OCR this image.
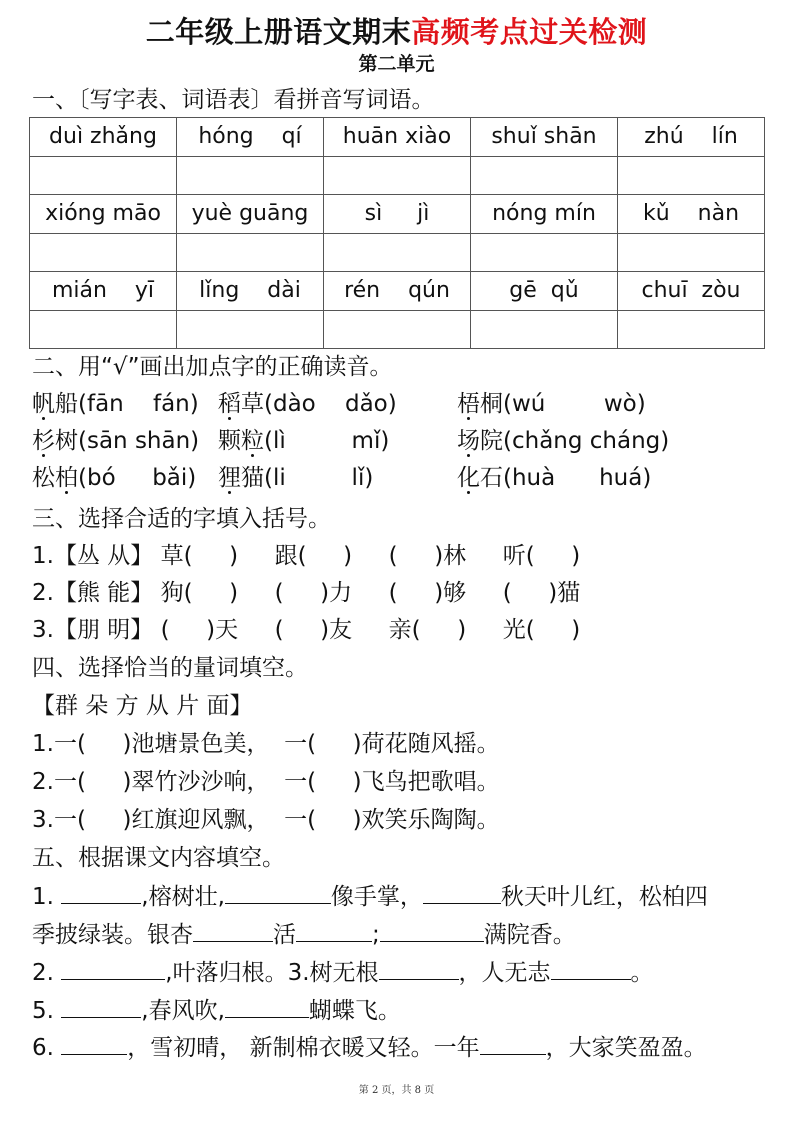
二年级上册语文期末高频考点过关检测
第二单元
一、〔写字表、词语表〕看拼音写词语。
duì zhǎng	hóng    qí	huān xiào	shuǐ shān	zhú    lín

xióng māo	yuè guāng	sì     jì	nóng mín	kǔ    nàn

mián    yī	lǐng    dài	rén    qún	gē  qǔ	chuī  zòu

二、用“√”画出加点字的正确读音。
帆船(fān    fán) 稻草(dào    dǎo)	梧桐(wú        wò)
杉树(sān shān) 颗粒(lì         mǐ)	场院(chǎng cháng)
松柏(bó     bǎi) 狸猫(li         lǐ)	化石(huà      huá)
三、选择合适的字填入括号。
1.【丛 从】 草(     )     跟(     )     (     )林     听(     )
2.【熊 能】 狗(     )     (     )力     (     )够     (     )猫
3.【朋 明】 (     )天     (     )友     亲(     )     光(     )
四、选择恰当的量词填空。
【群 朵 方 从 片 面】
1.一(     )池塘景色美，  一(     )荷花随风摇。
2.一(     )翠竹沙沙响，  一(     )飞鸟把歌唱。
3.一(     )红旗迎风飘，  一(     )欢笑乐陶陶。
五、根据课文内容填空。
1.	,榕树壮,	像手掌，	秋天叶儿红，松柏四
季披绿装。银杏	活	;	满院香。
2.	,叶落归根。3.树无根	，人无志	。
5.	,春风吹,	蝴蝶飞。
6.	，雪初晴， 新制棉衣暖又轻。一年	，大家笑盈盈。
第 2 页，共 8 页
